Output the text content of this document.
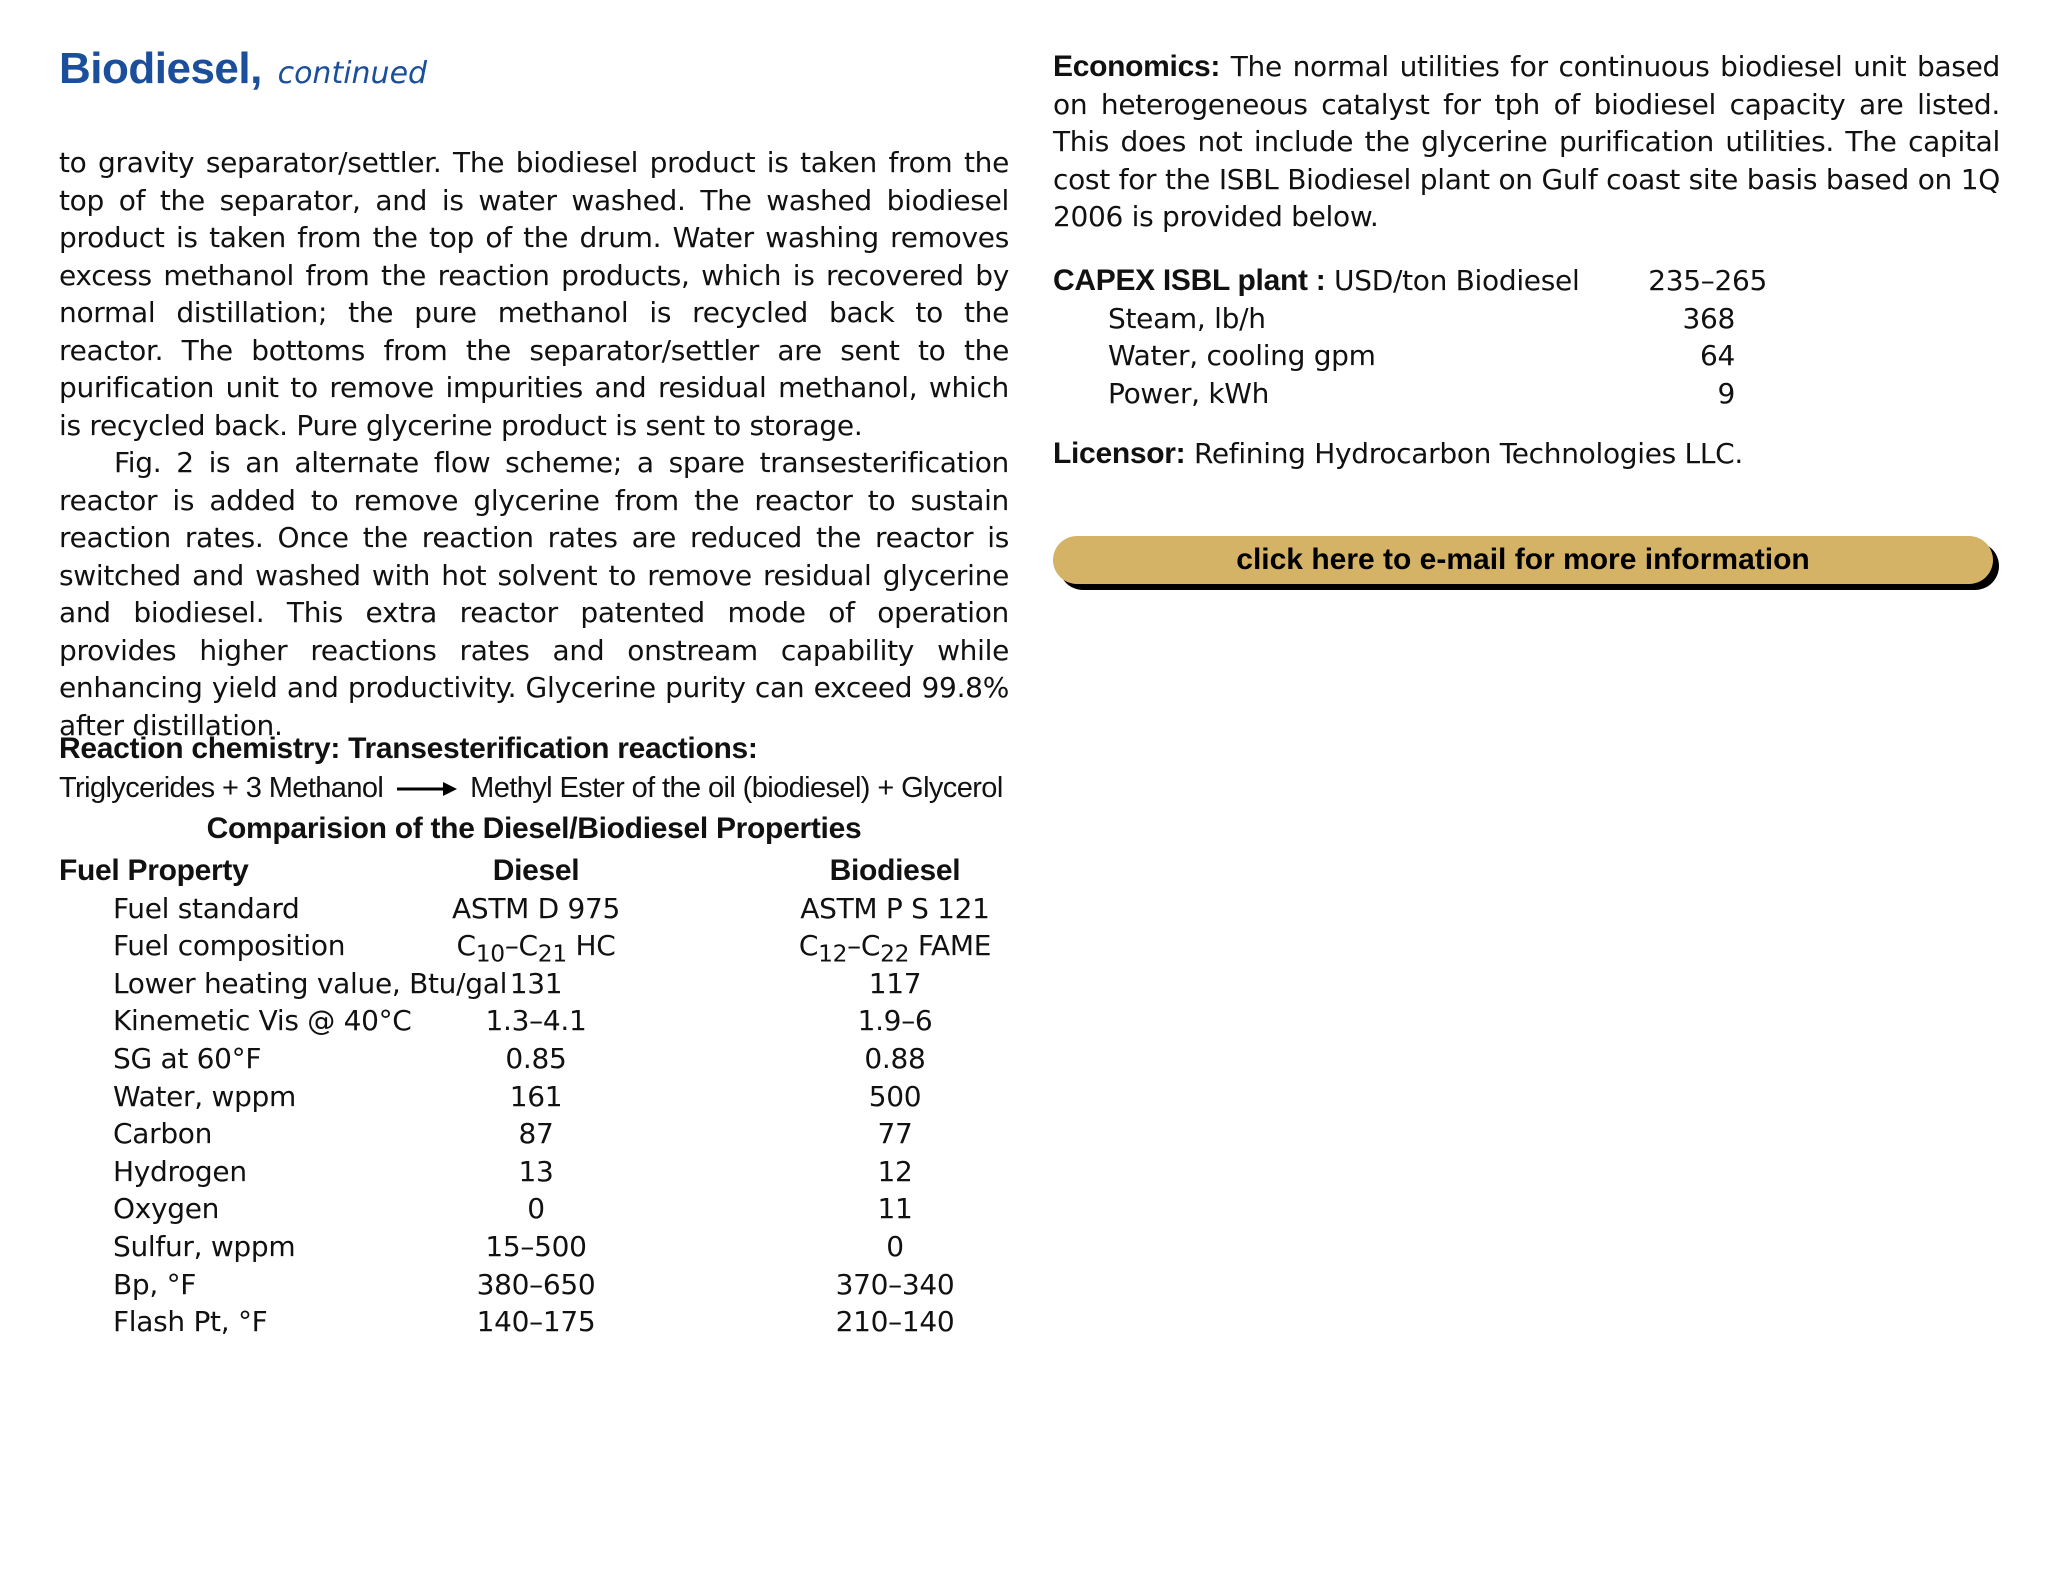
Biodiesel, continued

to gravity separator/settler. The biodiesel product is taken from the top of the separator, and is water washed. The washed biodiesel product is taken from the top of the drum. Water washing removes excess methanol from the reaction products, which is recovered by normal distillation; the pure methanol is recycled back to the reactor. The bottoms from the separator/settler are sent to the purification unit to remove impurities and residual methanol, which is recycled back. Pure glycerine product is sent to storage.

Fig. 2 is an alternate flow scheme; a spare transesterification reactor is added to remove glycerine from the reactor to sustain reaction rates. Once the reaction rates are reduced the reactor is switched and washed with hot solvent to remove residual glycerine and biodiesel. This extra reactor patented mode of operation provides higher reactions rates and onstream capability while enhancing yield and productivity. Glycerine purity can exceed 99.8% after distillation.

Reaction chemistry: Transesterification reactions:
Triglycerides + 3 Methanol	Methyl Ester of the oil (biodiesel) + Glycerol
Comparision of the Diesel/Biodiesel Properties
Fuel Property	Diesel	Biodiesel
Fuel standard	ASTM D 975	ASTM P S 121
Fuel composition	$C_{10}-C_{21}$ HC	$C_{12}-C_{22}$ FAME
Lower heating value, Btu/gal 131	117
Kinemetic Vis @ 40°C	1.3–4.1	1.9–6
SG at 60°F	0.85	0.88
Water, wppm	161	500
Carbon	87	77
Hydrogen	13	12
Oxygen	0	11
Sulfur, wppm	15–500	0
Bp, °F	380–650	370–340
Flash Pt, °F	140–175	210–140

Economics: The normal utilities for continuous biodiesel unit based on heterogeneous catalyst for tph of biodiesel capacity are listed. This does not include the glycerine purification utilities. The capital cost for the ISBL Biodiesel plant on Gulf coast site basis based on 1Q 2006 is provided below.

CAPEX ISBL plant : USD/ton Biodiesel 235–265
Steam, lb/h	368
Water, cooling gpm	64
Power, kWh	9
Licensor: Refining Hydrocarbon Technologies LLC.
click here to e-mail for more information
